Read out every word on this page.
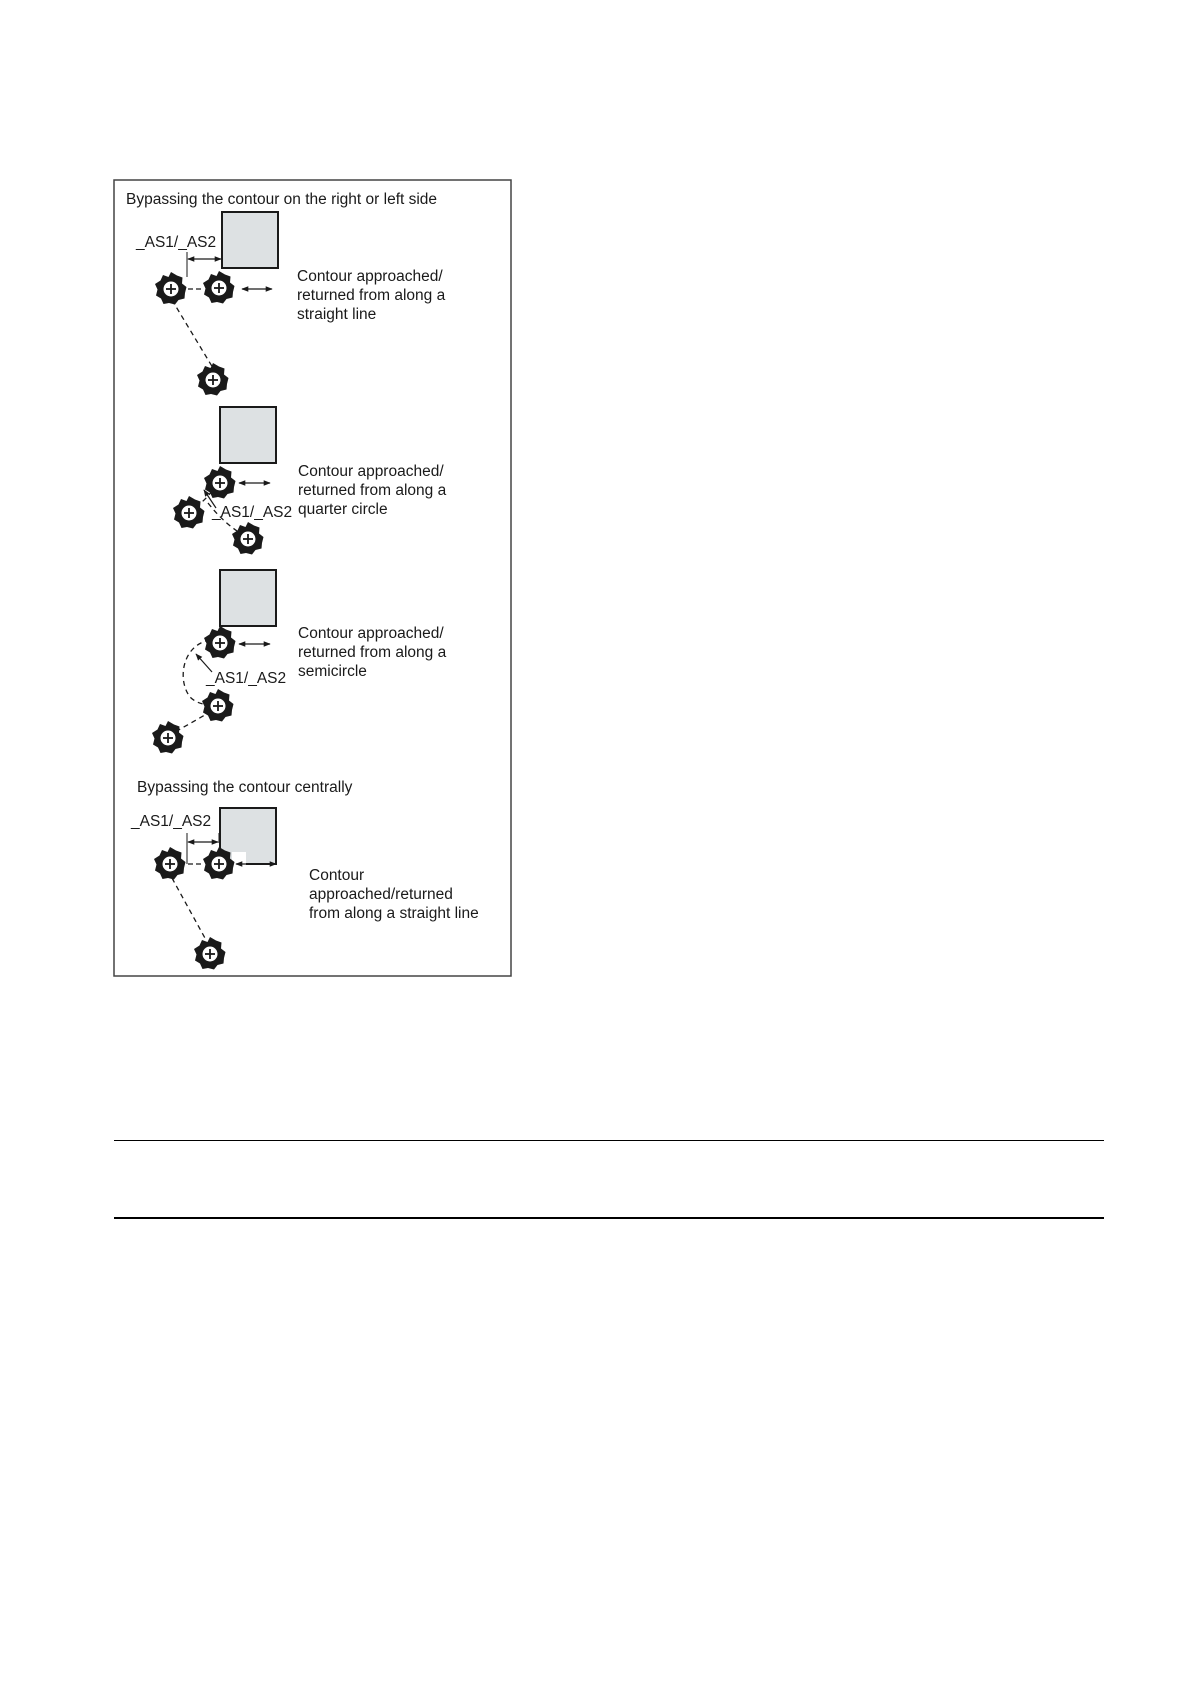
Bypassing the contour on the right or left side
_AS1/_AS2
Contour approached/ returned from along a straight line
_AS1/_AS2
Contour approached/ returned from along a quarter circle
_AS1/_AS2
Contour approached/ returned from along a semicircle
Bypassing the contour centrally
_AS1/_AS2
Contour approached/returned from along a straight line
